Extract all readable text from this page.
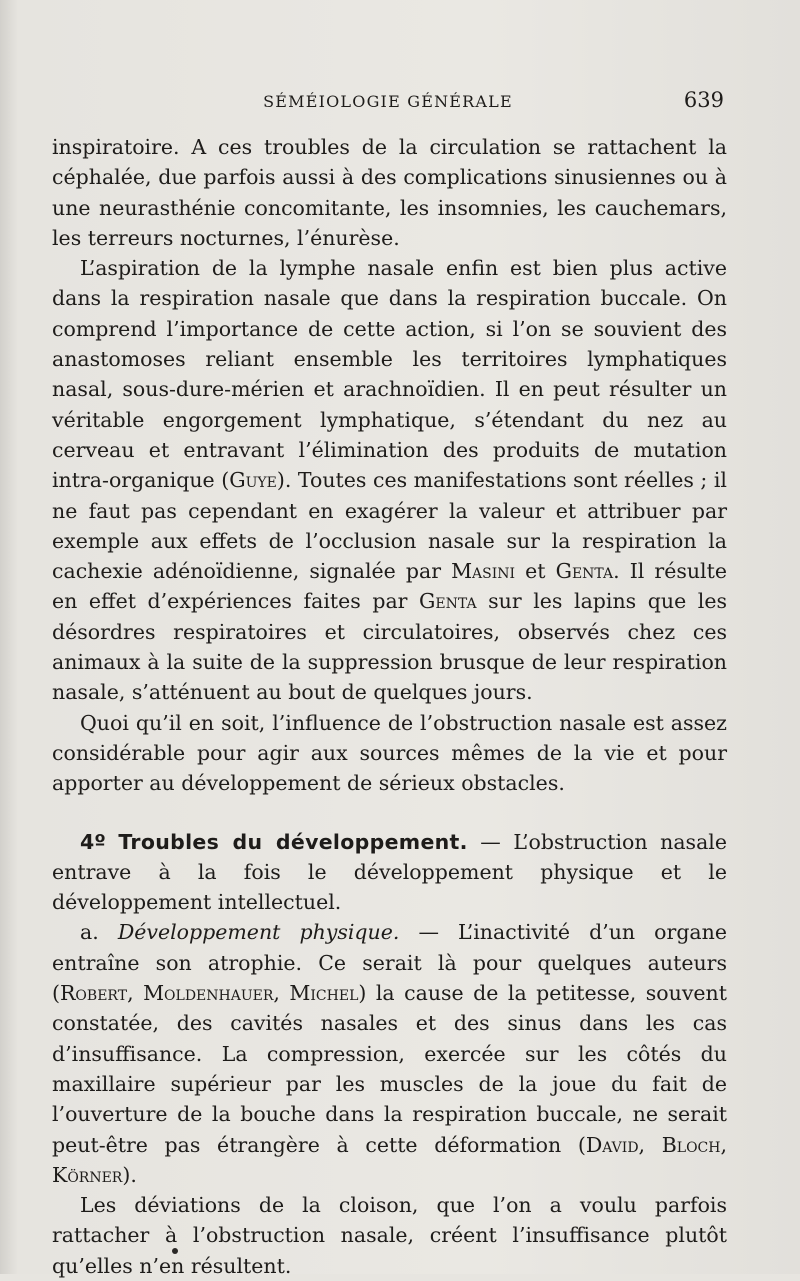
SÉMÉIOLOGIE GÉNÉRALE	639

inspiratoire. A ces troubles de la circulation se rattachent la céphalée, due parfois aussi à des complications sinusiennes ou à une neurasthénie concomitante, les insomnies, les cauchemars, les terreurs nocturnes, l’énurèse.

L’aspiration de la lymphe nasale enfin est bien plus active dans la respiration nasale que dans la respiration buccale. On comprend l’importance de cette action, si l’on se souvient des anastomoses reliant ensemble les territoires lymphatiques nasal, sous-dure-mérien et arachnoïdien. Il en peut résulter un véritable engorgement lymphatique, s’étendant du nez au cerveau et entravant l’élimination des produits de mutation intra-organique (Guye). Toutes ces manifestations sont réelles ; il ne faut pas cependant en exagérer la valeur et attribuer par exemple aux effets de l’occlusion nasale sur la respiration la cachexie adénoïdienne, signalée par Masini et Genta. Il résulte en effet d’expériences faites par Genta sur les lapins que les désordres respiratoires et circulatoires, observés chez ces animaux à la suite de la suppression brusque de leur respiration nasale, s’atténuent au bout de quelques jours.

Quoi qu’il en soit, l’influence de l’obstruction nasale est assez considérable pour agir aux sources mêmes de la vie et pour apporter au développement de sérieux obstacles.

4º Troubles du développement. — L’obstruction nasale entrave à la fois le développement physique et le développement intellectuel.

a. Développement physique. — L’inactivité d’un organe entraîne son atrophie. Ce serait là pour quelques auteurs (Robert, Moldenhauer, Michel) la cause de la petitesse, souvent constatée, des cavités nasales et des sinus dans les cas d’insuffisance. La compression, exercée sur les côtés du maxillaire supérieur par les muscles de la joue du fait de l’ouverture de la bouche dans la respiration buccale, ne serait peut-être pas étrangère à cette déformation (David, Bloch, Körner).

Les déviations de la cloison, que l’on a voulu parfois rattacher à l’obstruction nasale, créent l’insuffisance plutôt qu’elles n’en résultent.
